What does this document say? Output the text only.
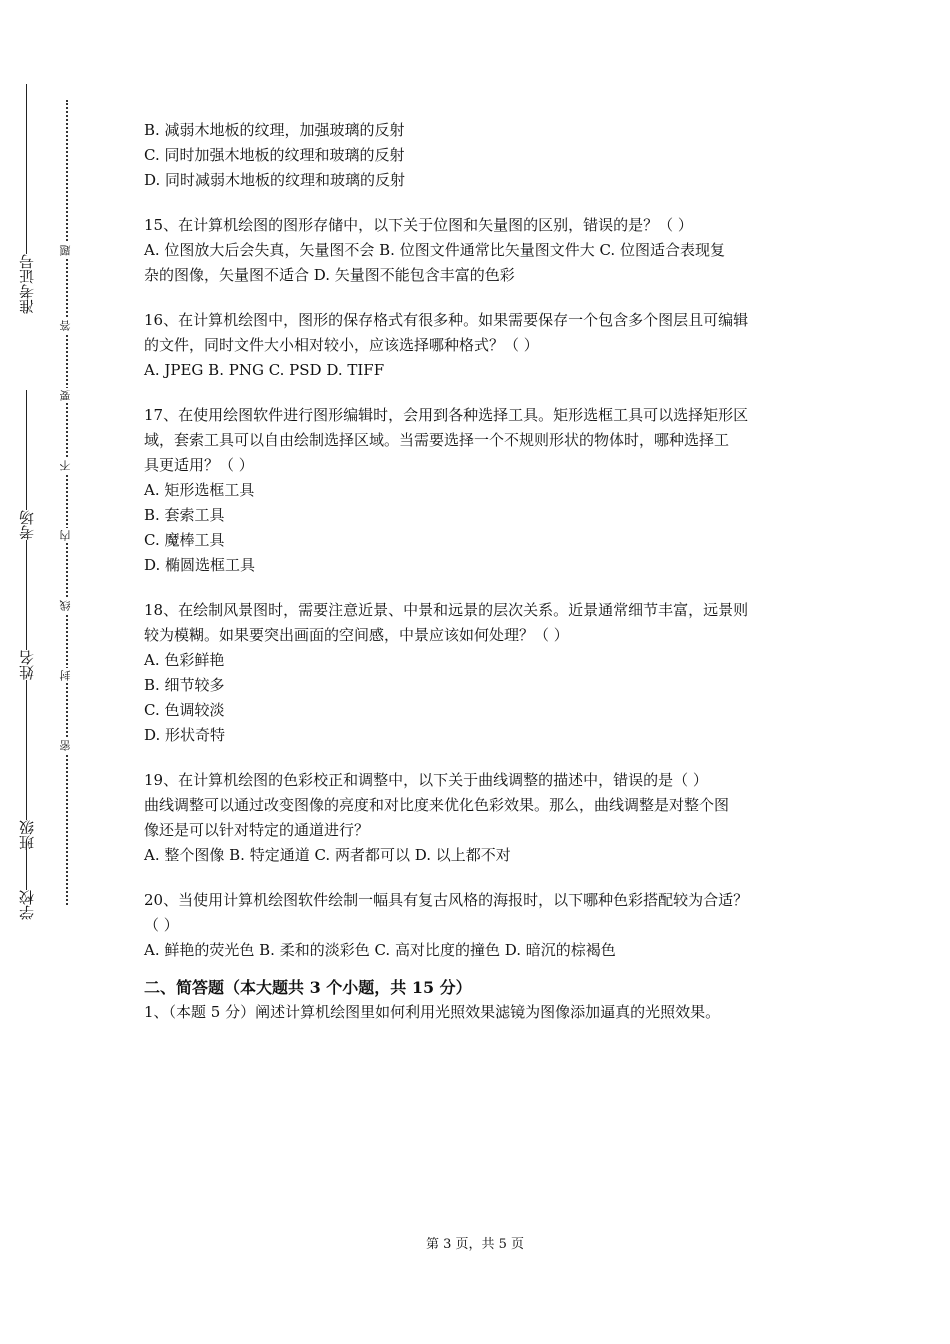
准考证号
考场
姓名
班级
学校
密
封
线
内
不
要
答
题
B. 减弱木地板的纹理，加强玻璃的反射
C. 同时加强木地板的纹理和玻璃的反射
D. 同时减弱木地板的纹理和玻璃的反射
15、在计算机绘图的图形存储中，以下关于位图和矢量图的区别，错误的是？（ ）
A. 位图放大后会失真，矢量图不会 B. 位图文件通常比矢量图文件大 C. 位图适合表现复
杂的图像，矢量图不适合 D. 矢量图不能包含丰富的色彩
16、在计算机绘图中，图形的保存格式有很多种。如果需要保存一个包含多个图层且可编辑
的文件，同时文件大小相对较小，应该选择哪种格式？（ ）
A. JPEG B. PNG C. PSD D. TIFF
17、在使用绘图软件进行图形编辑时，会用到各种选择工具。矩形选框工具可以选择矩形区
域，套索工具可以自由绘制选择区域。当需要选择一个不规则形状的物体时，哪种选择工
具更适用？（ ）
A. 矩形选框工具
B. 套索工具
C. 魔棒工具
D. 椭圆选框工具
18、在绘制风景图时，需要注意近景、中景和远景的层次关系。近景通常细节丰富，远景则
较为模糊。如果要突出画面的空间感，中景应该如何处理？（ ）
A. 色彩鲜艳
B. 细节较多
C. 色调较淡
D. 形状奇特
19、在计算机绘图的色彩校正和调整中，以下关于曲线调整的描述中，错误的是（ ）
曲线调整可以通过改变图像的亮度和对比度来优化色彩效果。那么，曲线调整是对整个图
像还是可以针对特定的通道进行？
A. 整个图像 B. 特定通道 C. 两者都可以 D. 以上都不对
20、当使用计算机绘图软件绘制一幅具有复古风格的海报时，以下哪种色彩搭配较为合适？
（ ）
A. 鲜艳的荧光色 B. 柔和的淡彩色 C. 高对比度的撞色 D. 暗沉的棕褐色
二、简答题（本大题共 3 个小题，共 15 分）
1、（本题 5 分）阐述计算机绘图里如何利用光照效果滤镜为图像添加逼真的光照效果。
第 3 页，共 5 页
